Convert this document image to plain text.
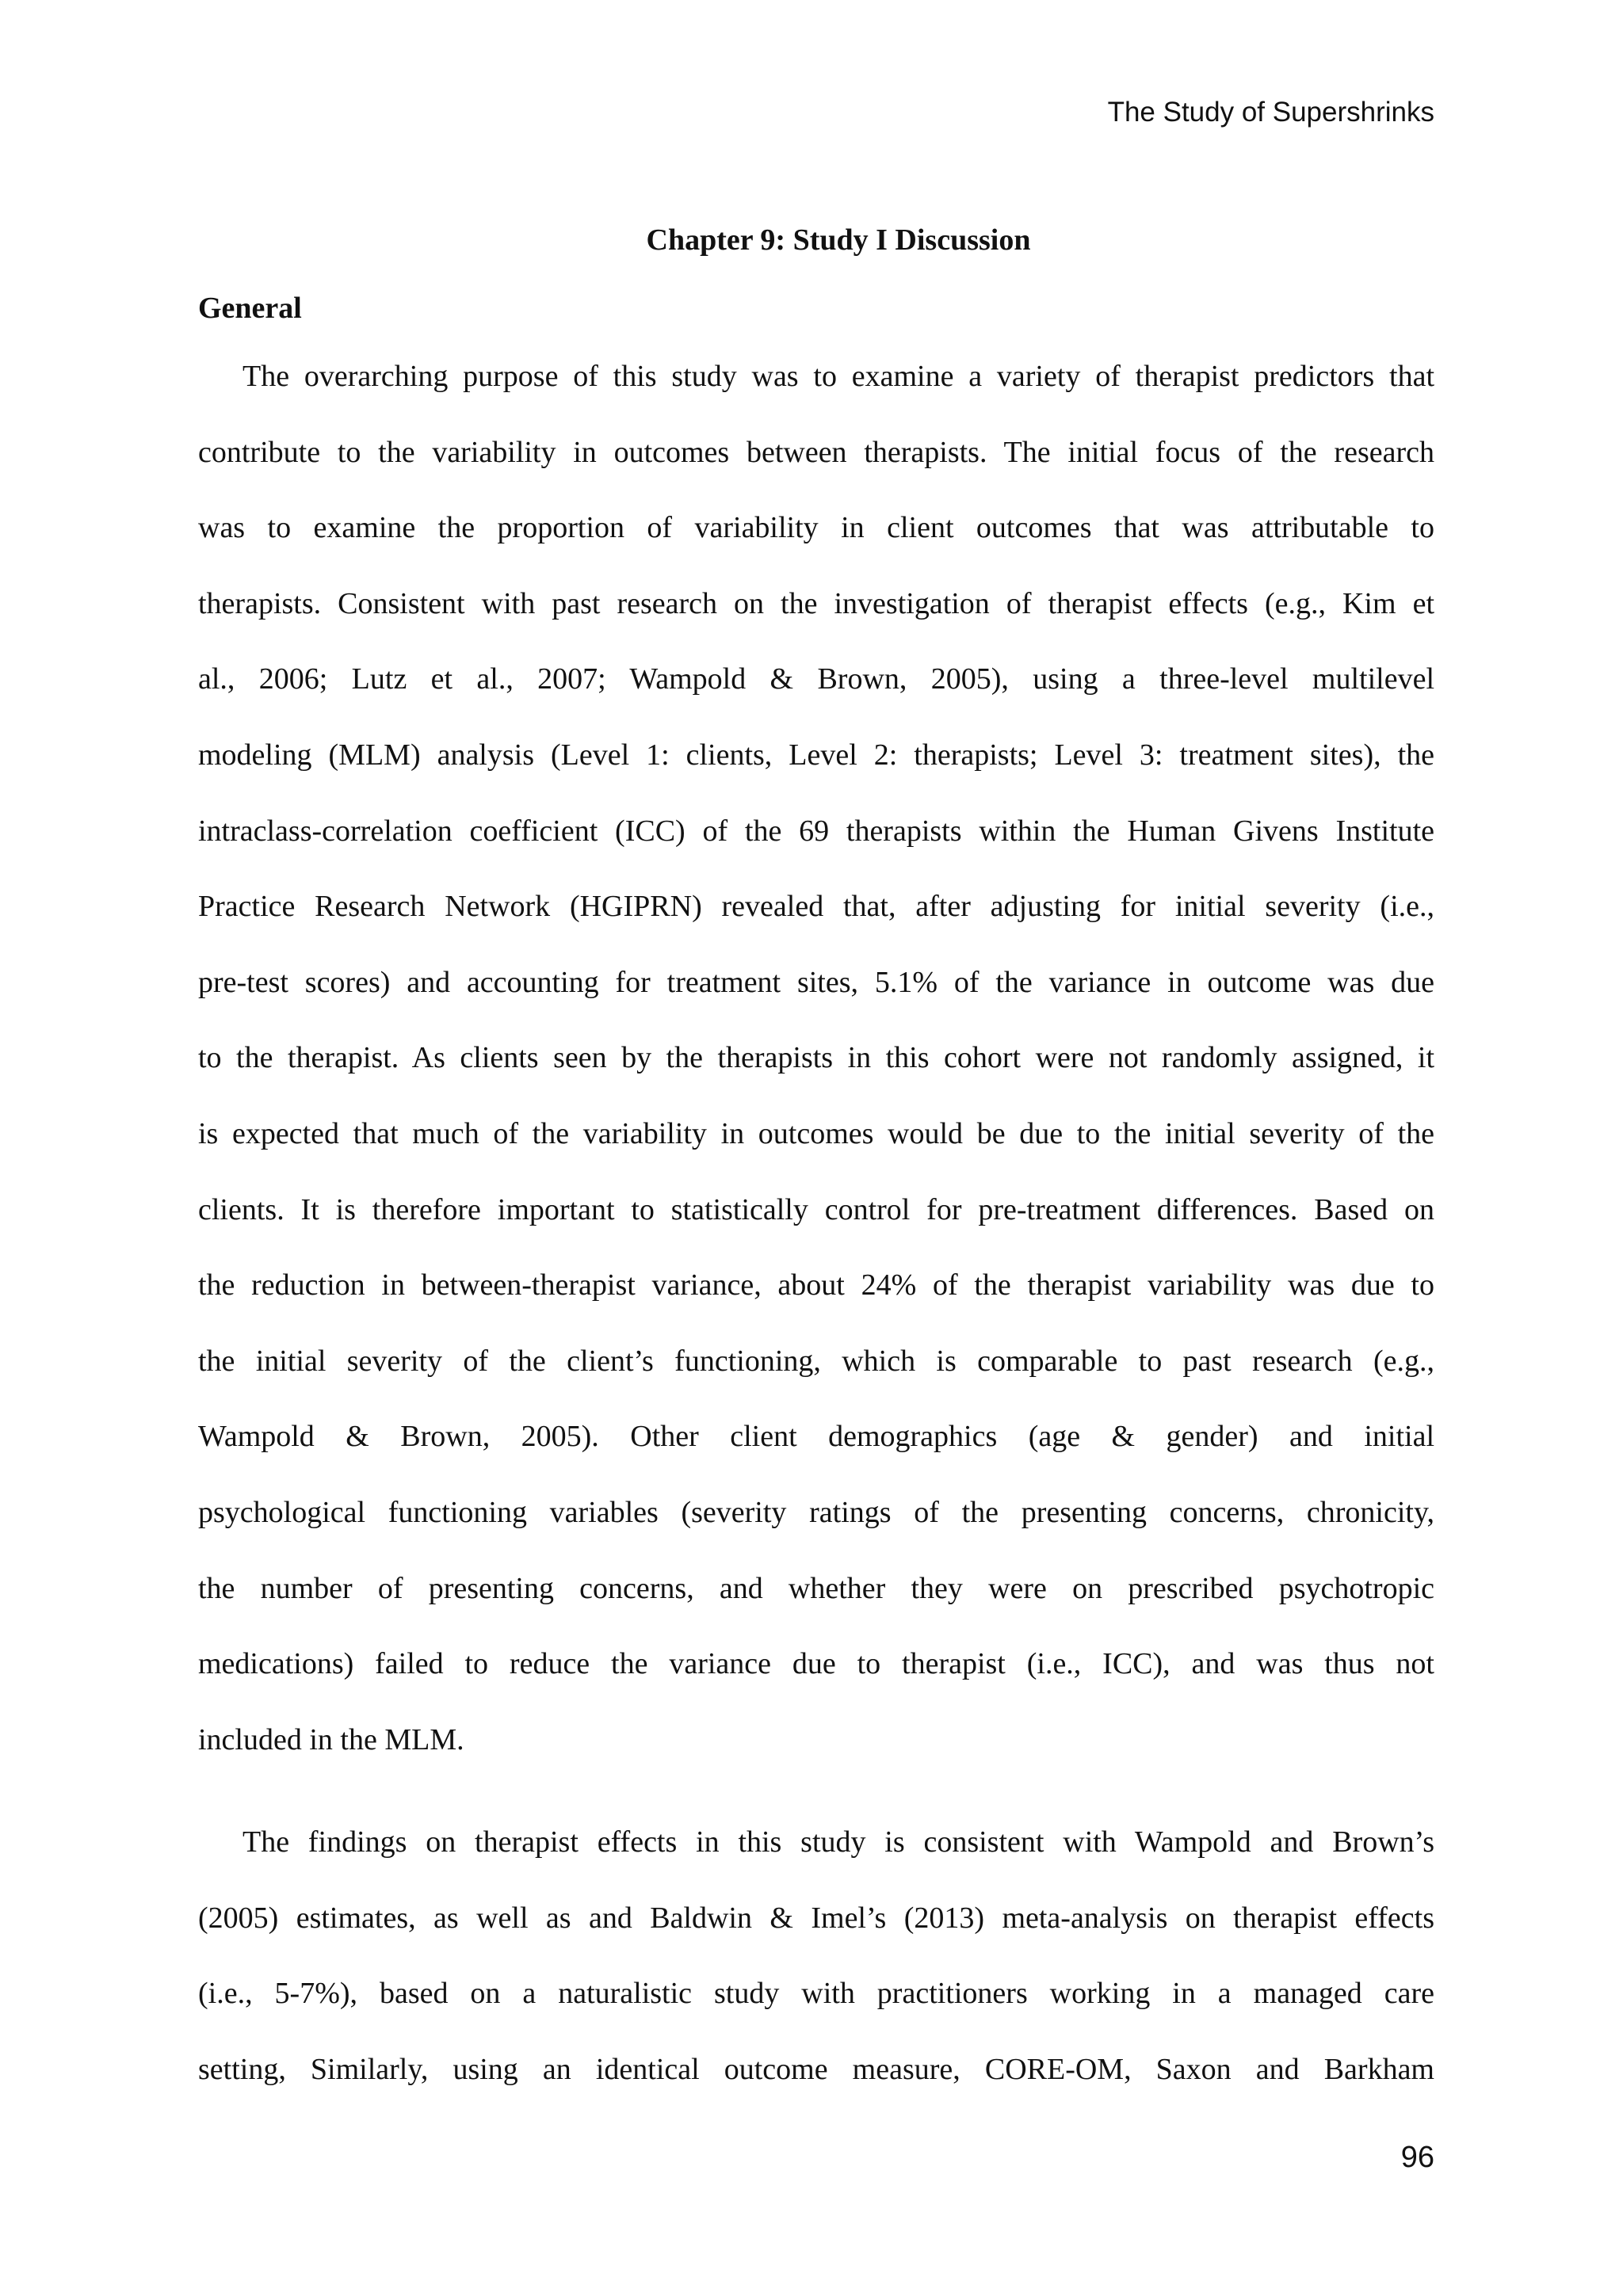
The Study of Supershrinks
Chapter 9: Study I Discussion
General
The overarching purpose of this study was to examine a variety of therapist predictors that
contribute to the variability in outcomes between therapists. The initial focus of the research
was to examine the proportion of variability in client outcomes that was attributable to
therapists. Consistent with past research on the investigation of therapist effects (e.g., Kim et
al., 2006; Lutz et al., 2007; Wampold & Brown, 2005), using a three-level multilevel
modeling (MLM) analysis (Level 1: clients, Level 2: therapists; Level 3: treatment sites), the
intraclass-correlation coefficient (ICC) of the 69 therapists within the Human Givens Institute
Practice Research Network (HGIPRN) revealed that, after adjusting for initial severity (i.e.,
pre-test scores) and accounting for treatment sites, 5.1% of the variance in outcome was due
to the therapist. As clients seen by the therapists in this cohort were not randomly assigned, it
is expected that much of the variability in outcomes would be due to the initial severity of the
clients. It is therefore important to statistically control for pre-treatment differences. Based on
the reduction in between-therapist variance, about 24% of the therapist variability was due to
the initial severity of the client’s functioning, which is comparable to past research (e.g.,
Wampold & Brown, 2005). Other client demographics (age & gender) and initial
psychological functioning variables (severity ratings of the presenting concerns, chronicity,
the number of presenting concerns, and whether they were on prescribed psychotropic
medications) failed to reduce the variance due to therapist (i.e., ICC), and was thus not
included in the MLM.
The findings on therapist effects in this study is consistent with Wampold and Brown’s
(2005) estimates, as well as and Baldwin & Imel’s (2013) meta-analysis on therapist effects
(i.e., 5-7%), based on a naturalistic study with practitioners working in a managed care
setting, Similarly, using an identical outcome measure, CORE-OM, Saxon and Barkham
96
